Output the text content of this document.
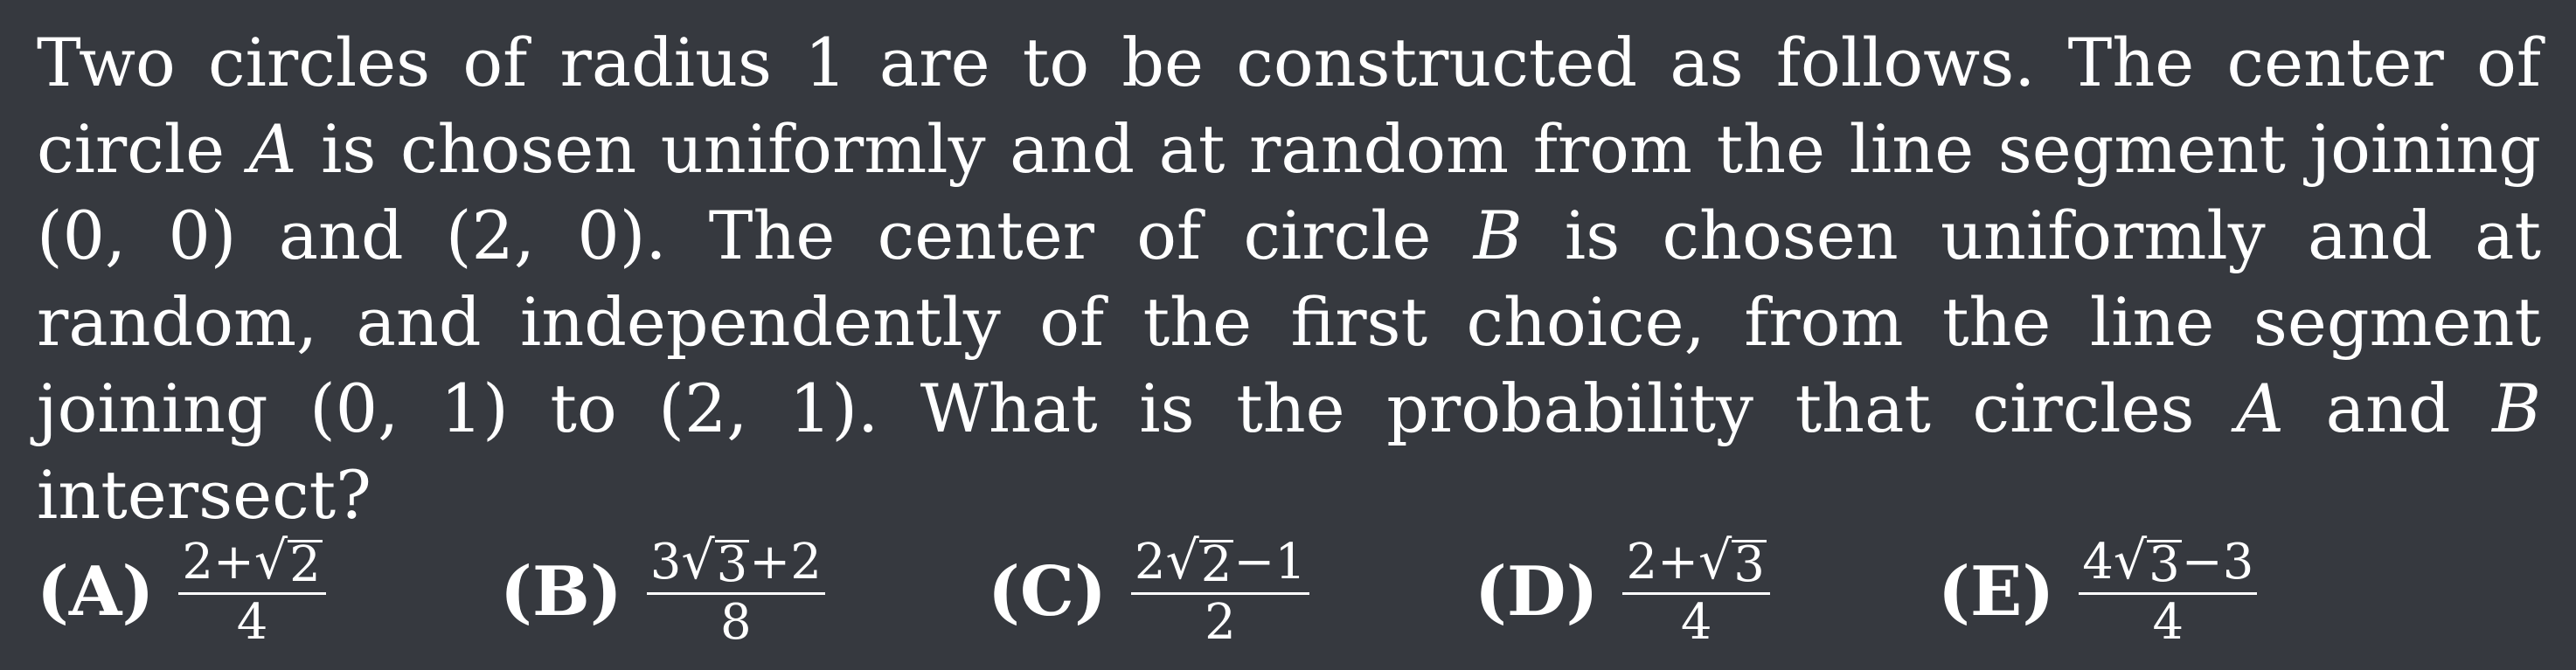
Two circles of radius 1 are to be constructed as follows. The center of circle A is chosen uniformly and at random from the line segment joining (0, 0) and (2, 0). The center of circle B is chosen uniformly and at random, and independently of the first choice, from the line segment joining (0, 1) to (2, 1). What is the probability that circles A and B intersect?

$(A) \frac{2+ √ 2}{4}$	$(B) \frac{3 √ 3 +2}{8} (C) \frac{2 √ 2 -1}{2} (D) \frac{2+ √ 3}{4} (E) \frac{4 √ 3 -3}{4}$
